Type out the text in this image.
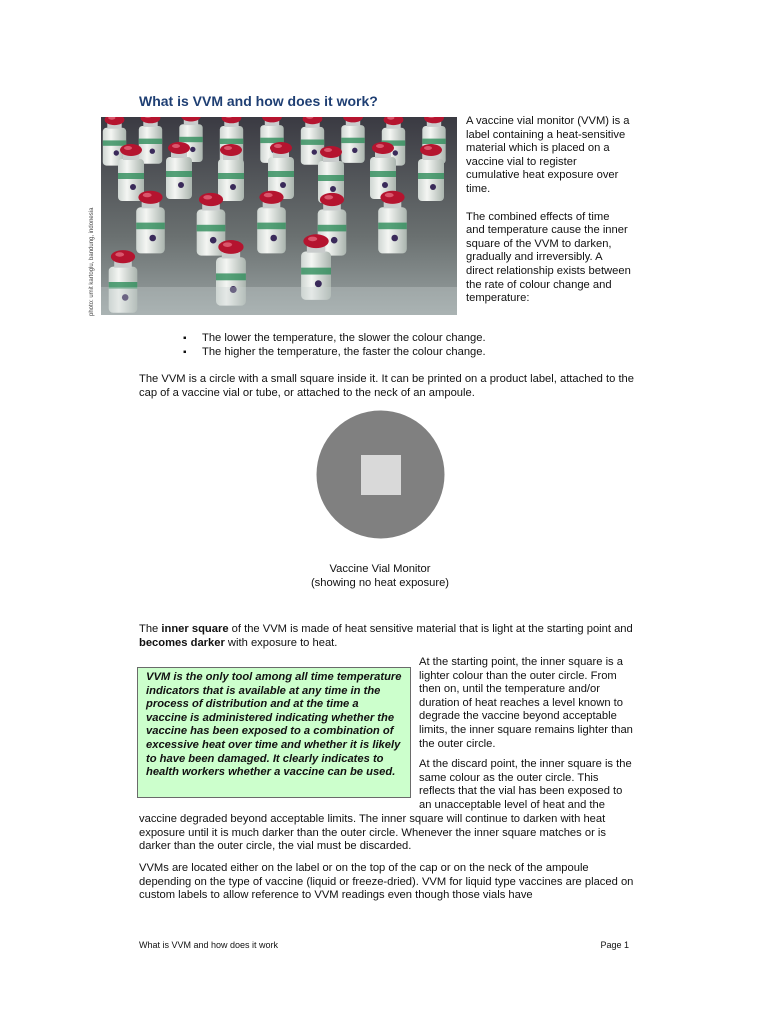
What is VVM and how does it work?
photo: umit kartoglu, bandung, indonesia

A vaccine vial monitor (VVM) is a label containing a heat-sensitive material which is placed on a vaccine vial to register cumulative heat exposure over time.

The combined effects of time and temperature cause the inner square of the VVM to darken, gradually and irreversibly. A direct relationship exists between the rate of colour change and temperature:

▪ The lower the temperature, the slower the colour change.
▪ The higher the temperature, the faster the colour change.

The VVM is a circle with a small square inside it. It can be printed on a product label, attached to the cap of a vaccine vial or tube, or attached to the neck of an ampoule.

Vaccine Vial Monitor
(showing no heat exposure)

The inner square of the VVM is made of heat sensitive material that is light at the starting point and becomes darker with exposure to heat.

VVM is the only tool among all time temperature indicators that is available at any time in the process of distribution and at the time a vaccine is administered indicating whether the vaccine has been exposed to a combination of excessive heat over time and whether it is likely to have been damaged. It clearly indicates to health workers whether a vaccine can be used.

At the starting point, the inner square is a lighter colour than the outer circle. From then on, until the temperature and/or duration of heat reaches a level known to degrade the vaccine beyond acceptable limits, the inner square remains lighter than the outer circle.

At the discard point, the inner square is the same colour as the outer circle. This reflects that the vial has been exposed to an unacceptable level of heat and the

vaccine degraded beyond acceptable limits. The inner square will continue to darken with heat exposure until it is much darker than the outer circle. Whenever the inner square matches or is darker than the outer circle, the vial must be discarded.

VVMs are located either on the label or on the top of the cap or on the neck of the ampoule depending on the type of vaccine (liquid or freeze-dried). VVM for liquid type vaccines are placed on custom labels to allow reference to VVM readings even though those vials have

What is VVM and how does it work	Page 1
